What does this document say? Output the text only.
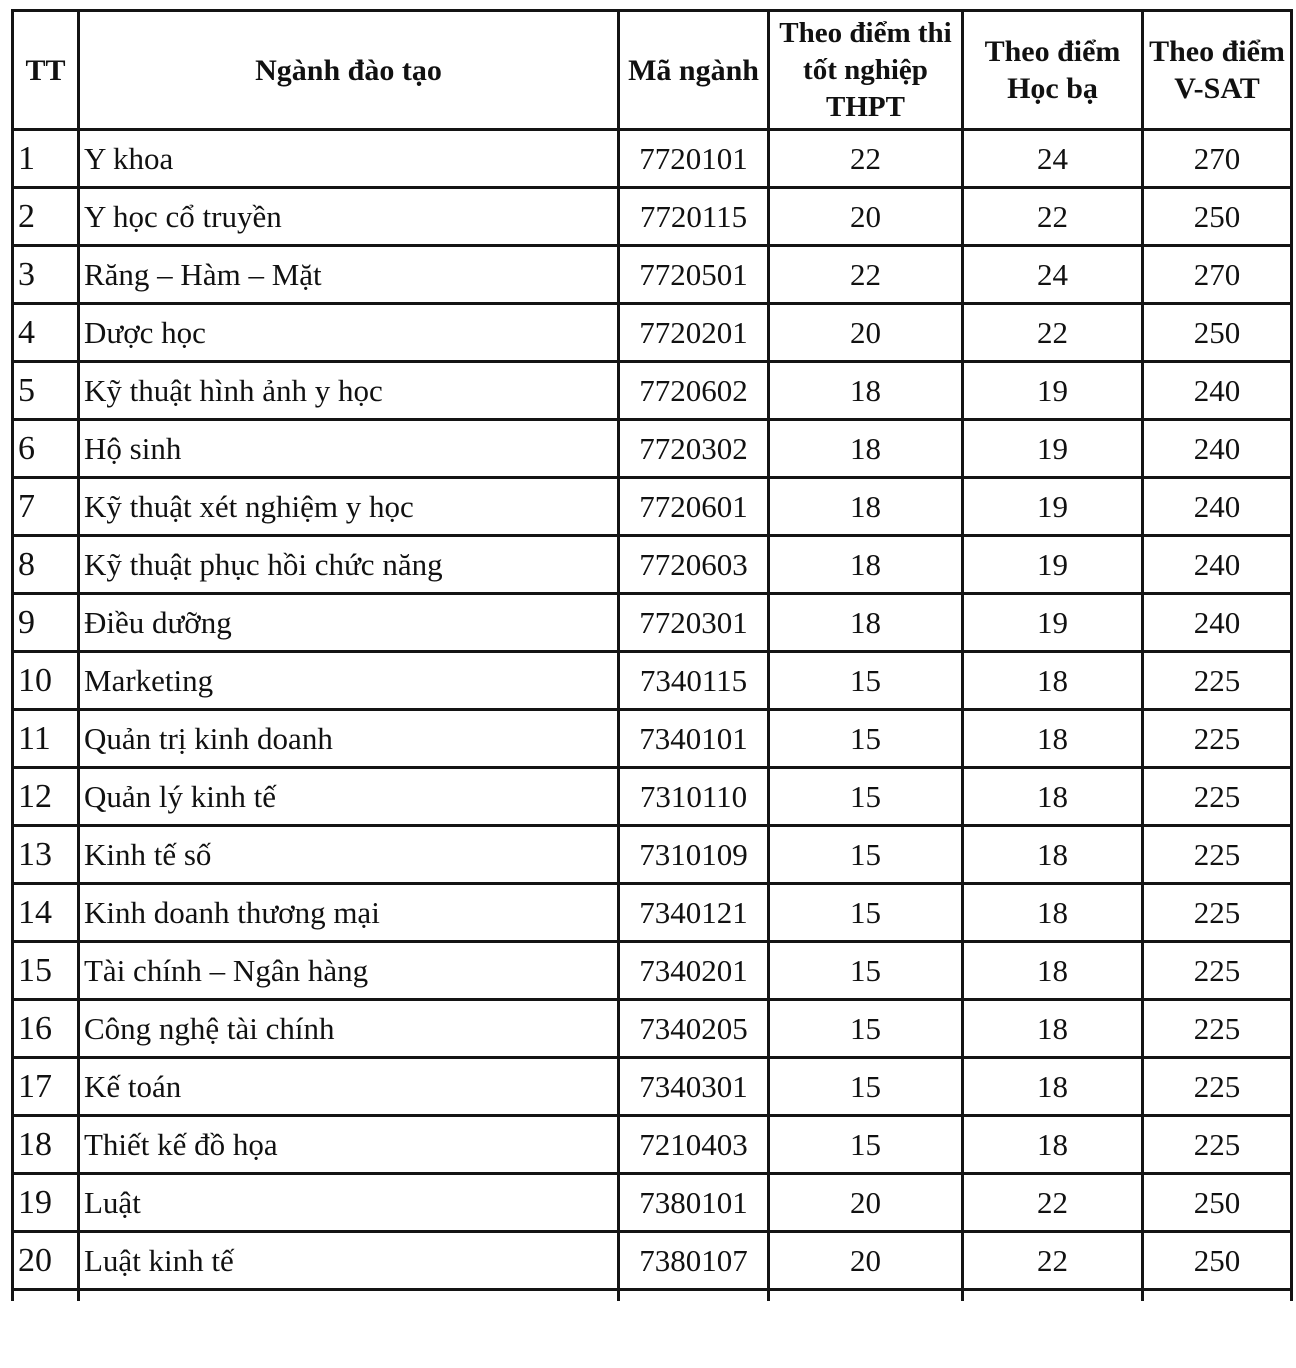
TT	Ngành đào tạo	Mã ngành	Theo điểm thi tốt nghiệp THPT	Theo điểm Học bạ	Theo điểm V-SAT
1	Y khoa	7720101	22	24	270
2	Y học cổ truyền	7720115	20	22	250
3	Răng – Hàm – Mặt	7720501	22	24	270
4	Dược học	7720201	20	22	250
5	Kỹ thuật hình ảnh y học	7720602	18	19	240
6	Hộ sinh	7720302	18	19	240
7	Kỹ thuật xét nghiệm y học	7720601	18	19	240
8	Kỹ thuật phục hồi chức năng	7720603	18	19	240
9	Điều dưỡng	7720301	18	19	240
10	Marketing	7340115	15	18	225
11	Quản trị kinh doanh	7340101	15	18	225
12	Quản lý kinh tế	7310110	15	18	225
13	Kinh tế số	7310109	15	18	225
14	Kinh doanh thương mại	7340121	15	18	225
15	Tài chính – Ngân hàng	7340201	15	18	225
16	Công nghệ tài chính	7340205	15	18	225
17	Kế toán	7340301	15	18	225
18	Thiết kế đồ họa	7210403	15	18	225
19	Luật	7380101	20	22	250
20	Luật kinh tế	7380107	20	22	250
